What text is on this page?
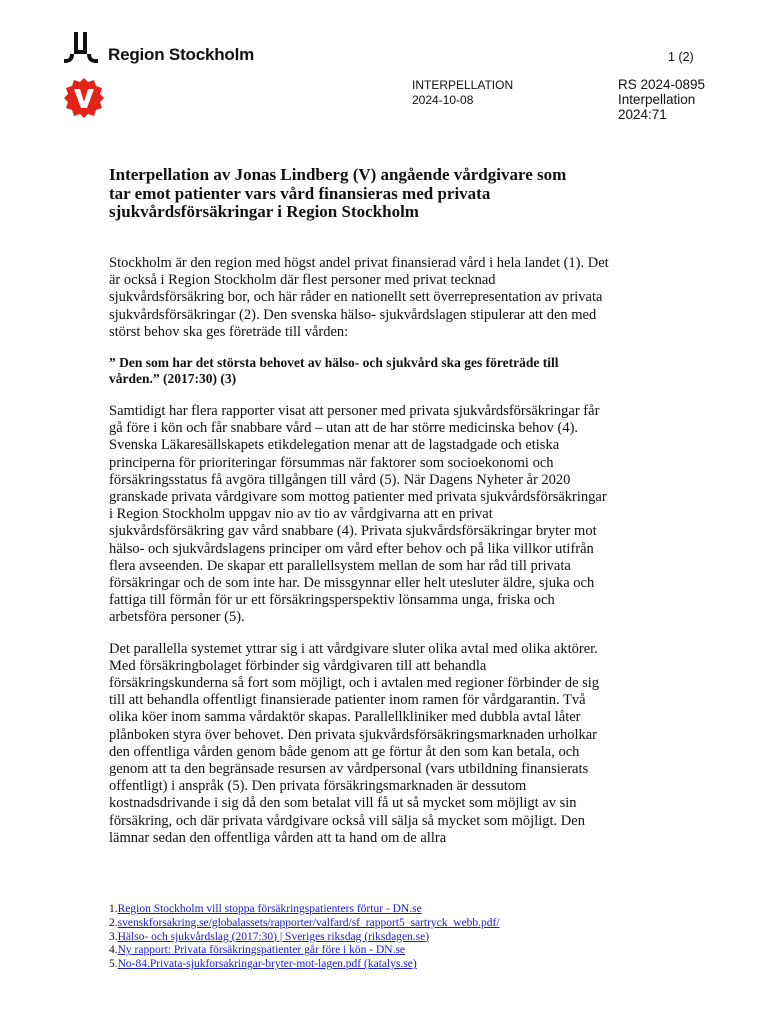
Region Stockholm	1 (2)
INTERPELLATION
2024-10-08
RS 2024-0895
Interpellation
2024:71
Interpellation av Jonas Lindberg (V) angående vårdgivare som tar emot patienter vars vård finansieras med privata sjukvårdsförsäkringar i Region Stockholm

Stockholm är den region med högst andel privat finansierad vård i hela landet (1). Det är också i Region Stockholm där flest personer med privat tecknad sjukvårdsförsäkring bor, och här råder en nationellt sett överrepresentation av privata sjukvårdsförsäkringar (2). Den svenska hälso- sjukvårdslagen stipulerar att den med störst behov ska ges företräde till vården:

” Den som har det största behovet av hälso- och sjukvård ska ges företräde till vården.” (2017:30) (3)

Samtidigt har flera rapporter visat att personer med privata sjukvårdsförsäkringar får gå före i kön och får snabbare vård – utan att de har större medicinska behov (4). Svenska Läkaresällskapets etikdelegation menar att de lagstadgade och etiska principerna för prioriteringar försummas när faktorer som socioekonomi och försäkringsstatus få avgöra tillgången till vård (5). När Dagens Nyheter år 2020 granskade privata vårdgivare som mottog patienter med privata sjukvårdsförsäkringar i Region Stockholm uppgav nio av tio av vårdgivarna att en privat sjukvårdsförsäkring gav vård snabbare (4). Privata sjukvårdsförsäkringar bryter mot hälso- och sjukvårdslagens principer om vård efter behov och på lika villkor utifrån flera avseenden. De skapar ett parallellsystem mellan de som har råd till privata försäkringar och de som inte har. De missgynnar eller helt utesluter äldre, sjuka och fattiga till förmån för ur ett försäkringsperspektiv lönsamma unga, friska och arbetsföra personer (5).

Det parallella systemet yttrar sig i att vårdgivare sluter olika avtal med olika aktörer. Med försäkringbolaget förbinder sig vårdgivaren till att behandla försäkringskunderna så fort som möjligt, och i avtalen med regioner förbinder de sig till att behandla offentligt finansierade patienter inom ramen för vårdgarantin. Två olika köer inom samma vårdaktör skapas. Parallellkliniker med dubbla avtal låter plånboken styra över behovet. Den privata sjukvårdsförsäkringsmarknaden urholkar den offentliga vården genom både genom att ge förtur åt den som kan betala, och genom att ta den begränsade resursen av vårdpersonal (vars utbildning finansierats offentligt) i anspråk (5). Den privata försäkringsmarknaden är dessutom kostnadsdrivande i sig då den som betalat vill få ut så mycket som möjligt av sin försäkring, och där privata vårdgivare också vill sälja så mycket som möjligt. Den lämnar sedan den offentliga vården att ta hand om de allra

1.Region Stockholm vill stoppa försäkringspatienters förtur - DN.se
2.svenskforsakring.se/globalassets/rapporter/valfard/sf_rapport5_sartryck_webb.pdf/
3.Hälso- och sjukvårdslag (2017:30) | Sveriges riksdag (riksdagen.se)
4.Ny rapport: Privata försäkringspatienter går före i kön - DN.se
5.No-84.Privata-sjukforsakringar-bryter-mot-lagen.pdf (katalys.se)
